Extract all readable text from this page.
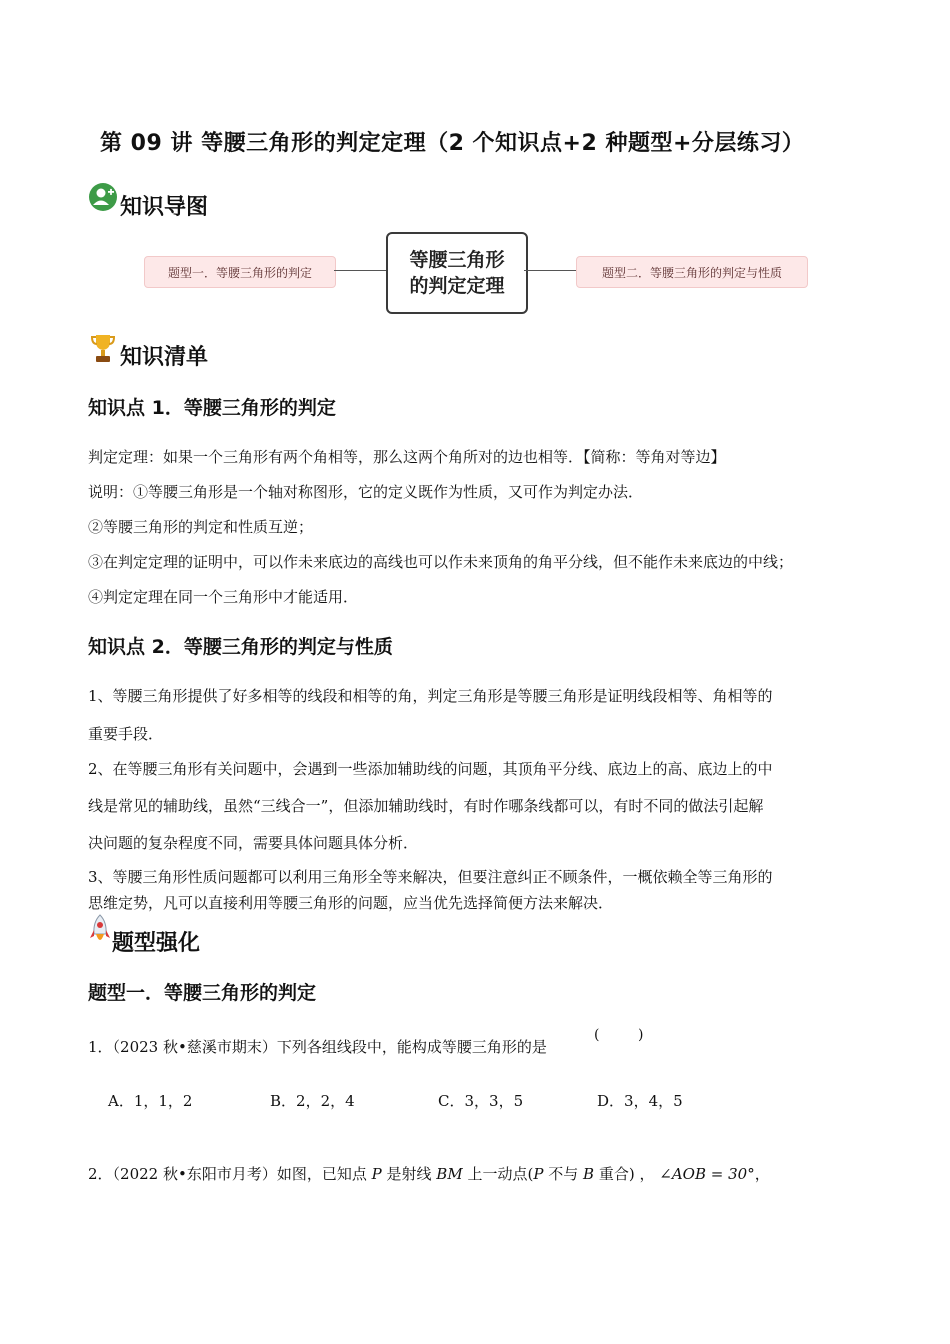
第 09 讲 等腰三角形的判定定理（2 个知识点+2 种题型+分层练习）
知识导图
题型一．等腰三角形的判定
等腰三角形
的判定定理
题型二．等腰三角形的判定与性质
知识清单
知识点 1．等腰三角形的判定
判定定理：如果一个三角形有两个角相等，那么这两个角所对的边也相等．【简称：等角对等边】
说明：①等腰三角形是一个轴对称图形，它的定义既作为性质，又可作为判定办法．
②等腰三角形的判定和性质互逆；
③在判定定理的证明中，可以作未来底边的高线也可以作未来顶角的角平分线，但不能作未来底边的中线；
④判定定理在同一个三角形中才能适用．
知识点 2．等腰三角形的判定与性质
1、等腰三角形提供了好多相等的线段和相等的角，判定三角形是等腰三角形是证明线段相等、角相等的
重要手段．
2、在等腰三角形有关问题中，会遇到一些添加辅助线的问题，其顶角平分线、底边上的高、底边上的中
线是常见的辅助线，虽然“三线合一”，但添加辅助线时，有时作哪条线都可以，有时不同的做法引起解
决问题的复杂程度不同，需要具体问题具体分析．
3、等腰三角形性质问题都可以利用三角形全等来解决，但要注意纠正不顾条件，一概依赖全等三角形的
思维定势，凡可以直接利用等腰三角形的问题，应当优先选择简便方法来解决．
题型强化
题型一．等腰三角形的判定
1．（2023 秋•慈溪市期末）下列各组线段中，能构成等腰三角形的是
(	)
A．1，1，2	B．2，2，4	C．3，3，5	D．3，4，5
2．（2022 秋•东阳市月考）如图，已知点 P 是射线 BM 上一动点(P 不与 B 重合) ， ∠AOB = 30°，
